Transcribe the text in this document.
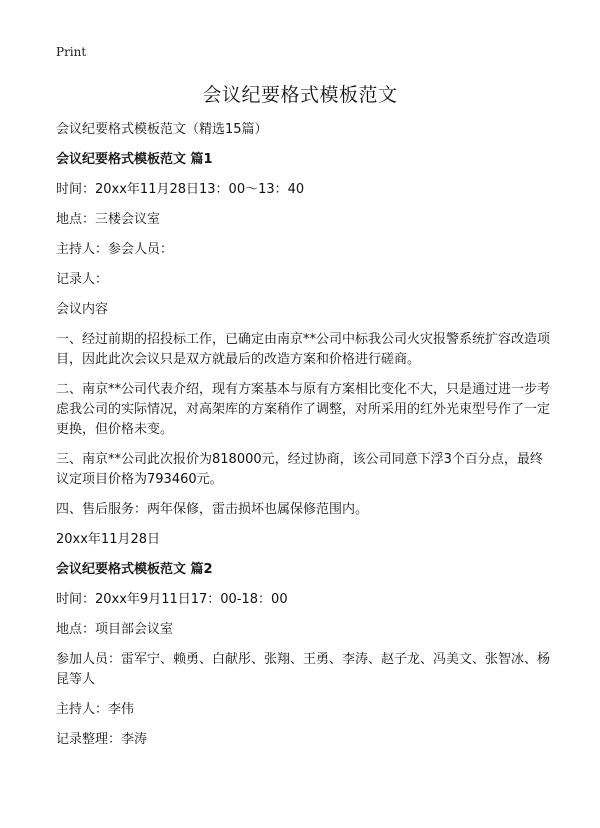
Print
会议纪要格式模板范文

会议纪要格式模板范文（精选15篇）

会议纪要格式模板范文 篇1

时间：20xx年11月28日13：00～13：40

地点：三楼会议室

主持人：参会人员：

记录人：

会议内容

一、经过前期的招投标工作，已确定由南京**公司中标我公司火灾报警系统扩容改造项目，因此此次会议只是双方就最后的改造方案和价格进行磋商。

二、南京**公司代表介绍，现有方案基本与原有方案相比变化不大，只是通过进一步考虑我公司的实际情况，对高架库的方案稍作了调整，对所采用的红外光束型号作了一定更换，但价格未变。

三、南京**公司此次报价为818000元，经过协商，该公司同意下浮3个百分点，最终议定项目价格为793460元。

四、售后服务：两年保修，雷击损坏也属保修范围内。

20xx年11月28日

会议纪要格式模板范文 篇2

时间：20xx年9月11日17：00-18：00

地点：项目部会议室

参加人员：雷军宁、赖勇、白献彤、张翔、王勇、李涛、赵子龙、冯美文、张智冰、杨昆等人

主持人：李伟

记录整理：李涛
